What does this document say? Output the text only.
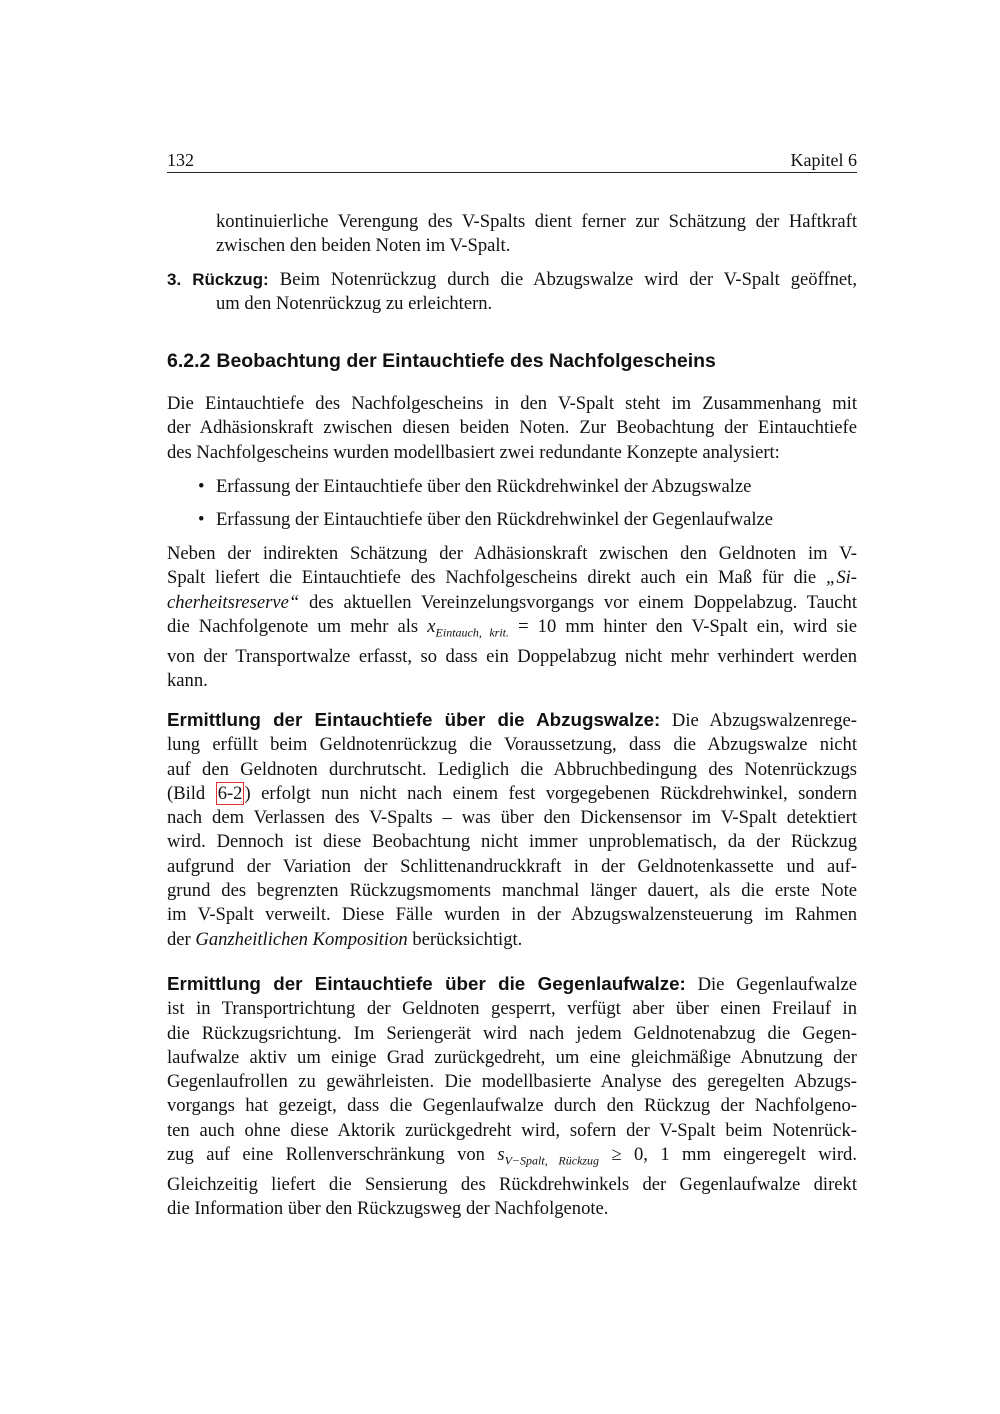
132	Kapitel 6
kontinuierliche Verengung des V-Spalts dient ferner zur Schätzung der Haftkraft
zwischen den beiden Noten im V-Spalt.
3. Rückzug: Beim Notenrückzug durch die Abzugswalze wird der V-Spalt geöffnet,
um den Notenrückzug zu erleichtern.
6.2.2 Beobachtung der Eintauchtiefe des Nachfolgescheins
Die Eintauchtiefe des Nachfolgescheins in den V-Spalt steht im Zusammenhang mit
der Adhäsionskraft zwischen diesen beiden Noten. Zur Beobachtung der Eintauchtiefe
des Nachfolgescheins wurden modellbasiert zwei redundante Konzepte analysiert:
• Erfassung der Eintauchtiefe über den Rückdrehwinkel der Abzugswalze
• Erfassung der Eintauchtiefe über den Rückdrehwinkel der Gegenlaufwalze
Neben der indirekten Schätzung der Adhäsionskraft zwischen den Geldnoten im V-
Spalt liefert die Eintauchtiefe des Nachfolgescheins direkt auch ein Maß für die „Si-
cherheitsreserve“ des aktuellen Vereinzelungsvorgangs vor einem Doppelabzug. Taucht
die Nachfolgenote um mehr als $x_{Eintauch, krit.} = 10$ mm hinter den V-Spalt ein, wird sie
von der Transportwalze erfasst, so dass ein Doppelabzug nicht mehr verhindert werden
kann.
Ermittlung der Eintauchtiefe über die Abzugswalze: Die Abzugswalzenrege-
lung erfüllt beim Geldnotenrückzug die Voraussetzung, dass die Abzugswalze nicht
auf den Geldnoten durchrutscht. Lediglich die Abbruchbedingung des Notenrückzugs
(Bild 6-2 ) erfolgt nun nicht nach einem fest vorgegebenen Rückdrehwinkel, sondern
nach dem Verlassen des V-Spalts – was über den Dickensensor im V-Spalt detektiert
wird. Dennoch ist diese Beobachtung nicht immer unproblematisch, da der Rückzug
aufgrund der Variation der Schlittenandruckkraft in der Geldnotenkassette und auf-
grund des begrenzten Rückzugsmoments manchmal länger dauert, als die erste Note
im V-Spalt verweilt. Diese Fälle wurden in der Abzugswalzensteuerung im Rahmen
der Ganzheitlichen Komposition berücksichtigt.
Ermittlung der Eintauchtiefe über die Gegenlaufwalze: Die Gegenlaufwalze
ist in Transportrichtung der Geldnoten gesperrt, verfügt aber über einen Freilauf in
die Rückzugsrichtung. Im Seriengerät wird nach jedem Geldnotenabzug die Gegen-
laufwalze aktiv um einige Grad zurückgedreht, um eine gleichmäßige Abnutzung der
Gegenlaufrollen zu gewährleisten. Die modellbasierte Analyse des geregelten Abzugs-
vorgangs hat gezeigt, dass die Gegenlaufwalze durch den Rückzug der Nachfolgeno-
ten auch ohne diese Aktorik zurückgedreht wird, sofern der V-Spalt beim Notenrück-
zug auf eine Rollenverschränkung von $s_{V-Spalt, Rückzug} \ge 0$, 1 mm eingeregelt wird.
Gleichzeitig liefert die Sensierung des Rückdrehwinkels der Gegenlaufwalze direkt
die Information über den Rückzugsweg der Nachfolgenote.
